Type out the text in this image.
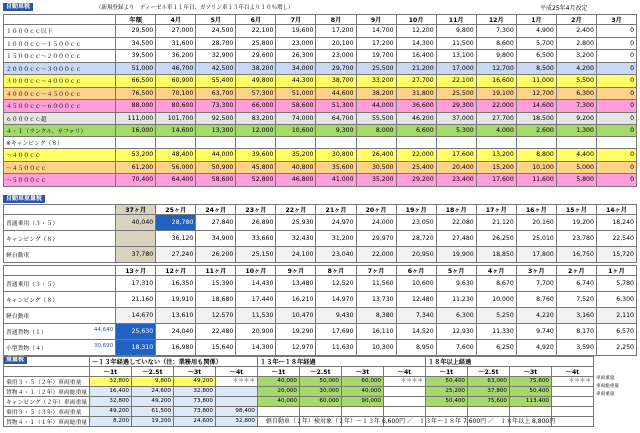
自動車税	（新規登録より　ディーゼル車１１年目、ガソリン車１３年目より１０％増し）	平成25年4月改定
	年額	4月	5月	6月	7月	8月	9月	10月	11月	12月	1月	2月	3月
１０００ｃｃ以下	29,500	27,000	24,500	22,100	19,600	17,200	14,700	12,200	9,800	7,300	4,900	2,400	0
１０００ｃｃ〜１５００ｃｃ	34,500	31,600	28,700	25,800	23,000	20,100	17,200	14,300	11,500	8,600	5,700	2,800	0
１５００ｃｃ〜２０００ｃｃ	39,500	36,200	32,900	29,600	26,300	23,000	19,700	16,400	13,100	9,800	6,500	3,200	0
２０００ｃｃ〜３０００ｃｃ	51,000	46,700	42,500	38,200	34,000	29,700	25,500	21,200	17,000	12,700	8,500	4,200	0
３０００ｃｃ〜４０００ｃｃ	66,500	60,900	55,400	49,800	44,300	38,700	33,200	27,700	22,100	16,600	11,000	5,500	0
４０００ｃｃ〜４５００ｃｃ	76,500	70,100	63,700	57,300	51,000	44,600	38,200	31,800	25,500	19,100	12,700	6,300	0
４５００ｃｃ〜６０００ｃｃ	88,000	80,600	73,300	66,000	58,600	51,300	44,000	36,600	29,300	22,000	14,600	7,300	0
６０００ｃｃ超	111,000	101,700	92,500	83,200	74,000	64,700	55,500	46,200	37,000	27,700	18,500	9,200	0
４・１（ランクル、サファリ）	16,000	14,600	13,300	12,000	10,600	9,300	8,000	6,600	5,300	4,000	2,600	1,300	0
※キャンピング（８）													
〜４００ｃｃ	53,200	48,400	44,000	39,600	35,200	30,800	26,400	22,000	17,600	13,200	8,800	4,400	0
〜４５００ｃｃ	61,200	56,000	50,900	45,800	40,800	35,600	30,500	25,400	20,400	15,200	10,100	5,000	0
〜５０００ｃｃ	70,400	64,400	58,600	52,800	46,800	41,000	35,200	29,200	23,400	17,600	11,600	5,800	0
自動車重量税
	37ヶ月	25ヶ月	24ヶ月	23ヶ月	22ヶ月	21ヶ月	20ヶ月	19ヶ月	18ヶ月	17ヶ月	16ヶ月	15ヶ月	14ヶ月
普通乗用（３・５）	40,040	28,780	27,840	26,890	25,930	24,970	24,000	23,050	22,080	21,120	20,160	19,200	18,240
キャンピング（８）		36,120	34,900	33,660	32,430	31,200	29,970	28,720	27,480	26,250	25,010	23,780	22,540
軽自動車	37,780	27,240	26,200	25,150	24,100	23,040	22,000	20,950	19,900	18,850	17,800	16,750	15,720
	13ヶ月	12ヶ月	11ヶ月	10ヶ月	9ヶ月	8ヶ月	7ヶ月	6ヶ月	5ヶ月	4ヶ月	3ヶ月	2ヶ月	1ヶ月
普通乗用（３・５）	17,310	16,350	15,390	14,430	13,480	12,520	11,560	10,600	9,630	8,670	7,700	6,740	5,780
キャンピング（８）	21,160	19,910	18,680	17,440	16,210	14,970	13,730	12,480	11,230	10,000	8,760	7,520	6,300
軽自動車	14,670	13,610	12,570	11,530	10,470	9,430	8,380	7,340	6,300	5,250	4,220	3,160	2,110
普通貨物（１） 44,640	25,630	24,040	22,480	20,900	19,290	17,690	16,110	14,520	12,930	11,330	9,740	8,170	6,570
小型貨物（４） 30,690	18,310	16,980	15,640	14,300	12,970	11,630	10,300	8,950	7,600	6,250	4,920	3,590	2,250
重量税
		〜１３年経過していない（注：業務用も関係）				１３年〜１８年経過				１８年以上経過			
	〜1t	〜2.5t	〜3t	〜4t	〜1t	〜2.5t	〜3t	〜4t	〜1t	〜2.5t	〜3t	〜4t
乗用３・５（２年）車両重量	32,800	9,800	49,200	＊＊＊＊	40,000	50,000	60,000	＊＊＊＊	50,400	63,000	75,600	＊＊＊＊
貨物４・１（２年）車両総重量	16,400	24,600	32,800		20,000	30,000	40,000		25,200	37,800	50,400	
キャンピング（２年）車両重量	32,800	49,200	73,800		40,000	60,000	90,000		50,400	75,600	113,400	
乗用３・５（３年）車両重量	49,200	61,500	73,800	98,400								
貨物４・１（１年）車両総重量	8,200	19,200	24,600	32,800								
車両重量
車両総重量
車両重量
軽自動車（２年）検対象（２年）〜１３年 6,600円 ／　１３年〜１８年 7,600円 ／　１８年以上 8,800円
